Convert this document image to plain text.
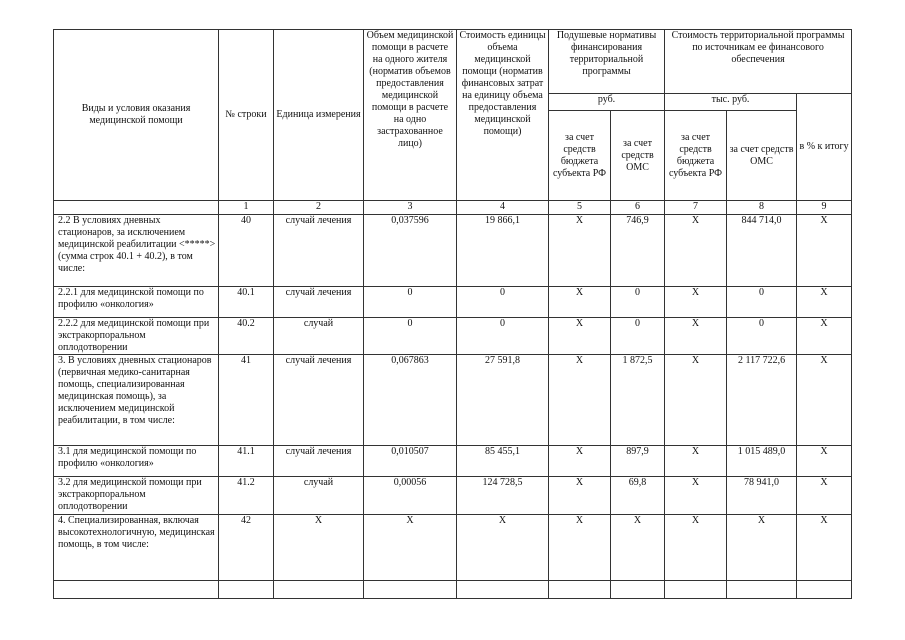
Виды и условия оказания медицинской помощи	№ строки	Единица измерения	Объем медицинской помощи в расчете на одного жителя (норматив объемов предоставления медицинской помощи в расчете на одно застрахованное лицо)	Стоимость единицы объема медицинской помощи (норматив финансовых затрат на единицу объема предоставления медицинской помощи)	Подушевые нормативы финансирования территориальной программы		Стоимость территориальной программы по источникам ее финансового обеспечения		
					руб.		тыс. руб.		в % к итогу
					за счет средств бюджета субъекта РФ	за счет средств ОМС	за счет средств бюджета субъекта РФ	за счет средств ОМС	
	1	2	3	4	5	6	7	8	9
2.2 В условиях дневных стационаров, за исключением медицинской реабилитации <*****> (сумма строк 40.1 + 40.2), в том числе:	40	случай лечения	0,037596	19 866,1	X	746,9	X	844 714,0	X
2.2.1 для медицинской помощи по профилю «онкология»	40.1	случай лечения	0	0	X	0	X	0	X
2.2.2 для медицинской помощи при экстракорпоральном оплодотворении	40.2	случай	0	0	X	0	X	0	X
3. В условиях дневных стационаров (первичная медико-санитарная помощь, специализированная медицинская помощь), за исключением медицинской реабилитации, в том числе:	41	случай лечения	0,067863	27 591,8	X	1 872,5	X	2 117 722,6	X
3.1 для медицинской помощи по профилю «онкология»	41.1	случай лечения	0,010507	85 455,1	X	897,9	X	1 015 489,0	X
3.2 для медицинской помощи при экстракорпоральном оплодотворении	41.2	случай	0,00056	124 728,5	X	69,8	X	78 941,0	X
4. Специализированная, включая высокотехнологичную, медицинская помощь, в том числе:	42	X	X	X	X	X	X	X	X
